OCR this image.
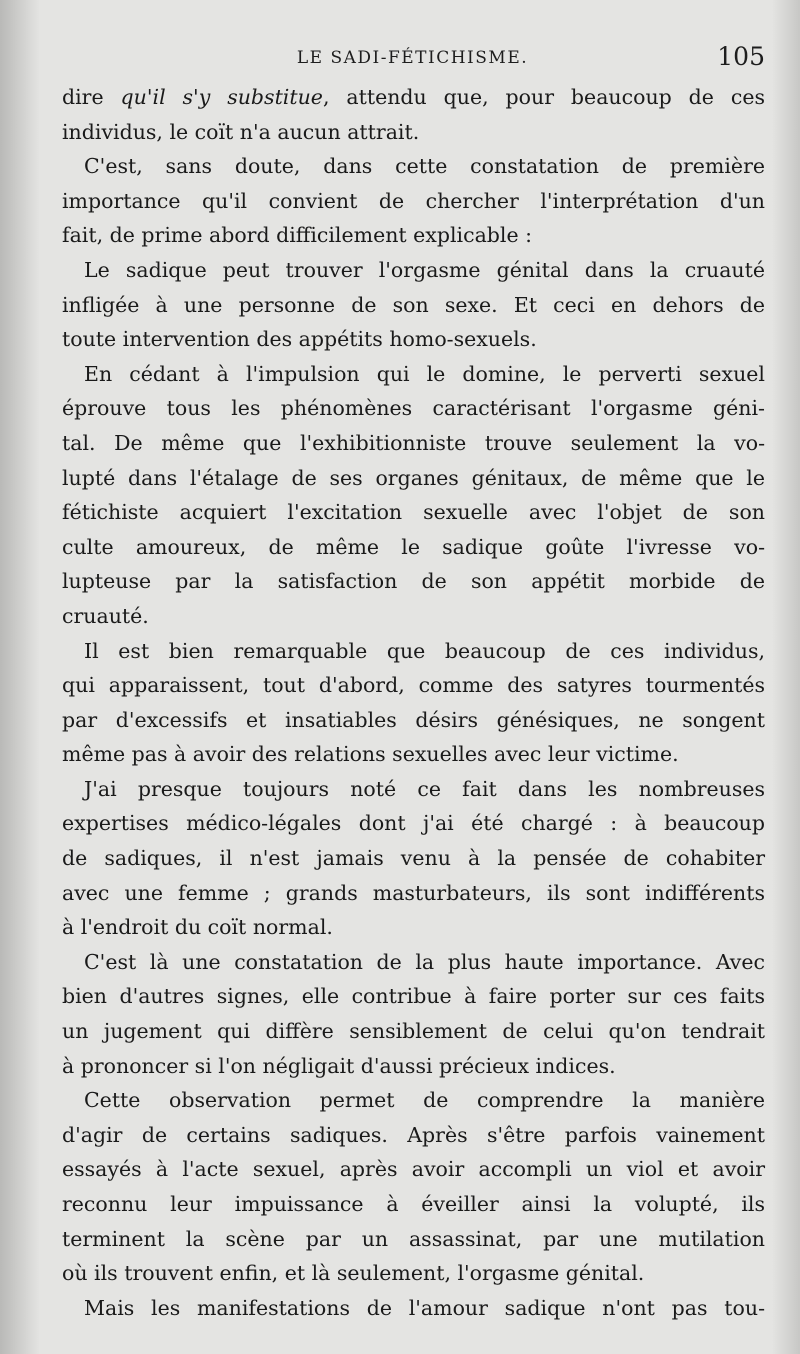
LE SADI-FÉTICHISME.	105
dire qu'il s'y substitue, attendu que, pour beaucoup de ces
individus, le coït n'a aucun attrait.
C'est, sans doute, dans cette constatation de première
importance qu'il convient de chercher l'interprétation d'un
fait, de prime abord difficilement explicable :
Le sadique peut trouver l'orgasme génital dans la cruauté
infligée à une personne de son sexe. Et ceci en dehors de
toute intervention des appétits homo-sexuels.
En cédant à l'impulsion qui le domine, le perverti sexuel
éprouve tous les phénomènes caractérisant l'orgasme géni-
tal. De même que l'exhibitionniste trouve seulement la vo-
lupté dans l'étalage de ses organes génitaux, de même que le
fétichiste acquiert l'excitation sexuelle avec l'objet de son
culte amoureux, de même le sadique goûte l'ivresse vo-
lupteuse par la satisfaction de son appétit morbide de
cruauté.
Il est bien remarquable que beaucoup de ces individus,
qui apparaissent, tout d'abord, comme des satyres tourmentés
par d'excessifs et insatiables désirs génésiques, ne songent
même pas à avoir des relations sexuelles avec leur victime.
J'ai presque toujours noté ce fait dans les nombreuses
expertises médico-légales dont j'ai été chargé : à beaucoup
de sadiques, il n'est jamais venu à la pensée de cohabiter
avec une femme ; grands masturbateurs, ils sont indifférents
à l'endroit du coït normal.
C'est là une constatation de la plus haute importance. Avec
bien d'autres signes, elle contribue à faire porter sur ces faits
un jugement qui diffère sensiblement de celui qu'on tendrait
à prononcer si l'on négligait d'aussi précieux indices.
Cette observation permet de comprendre la manière
d'agir de certains sadiques. Après s'être parfois vainement
essayés à l'acte sexuel, après avoir accompli un viol et avoir
reconnu leur impuissance à éveiller ainsi la volupté, ils
terminent la scène par un assassinat, par une mutilation
où ils trouvent enfin, et là seulement, l'orgasme génital.
Mais les manifestations de l'amour sadique n'ont pas tou-
